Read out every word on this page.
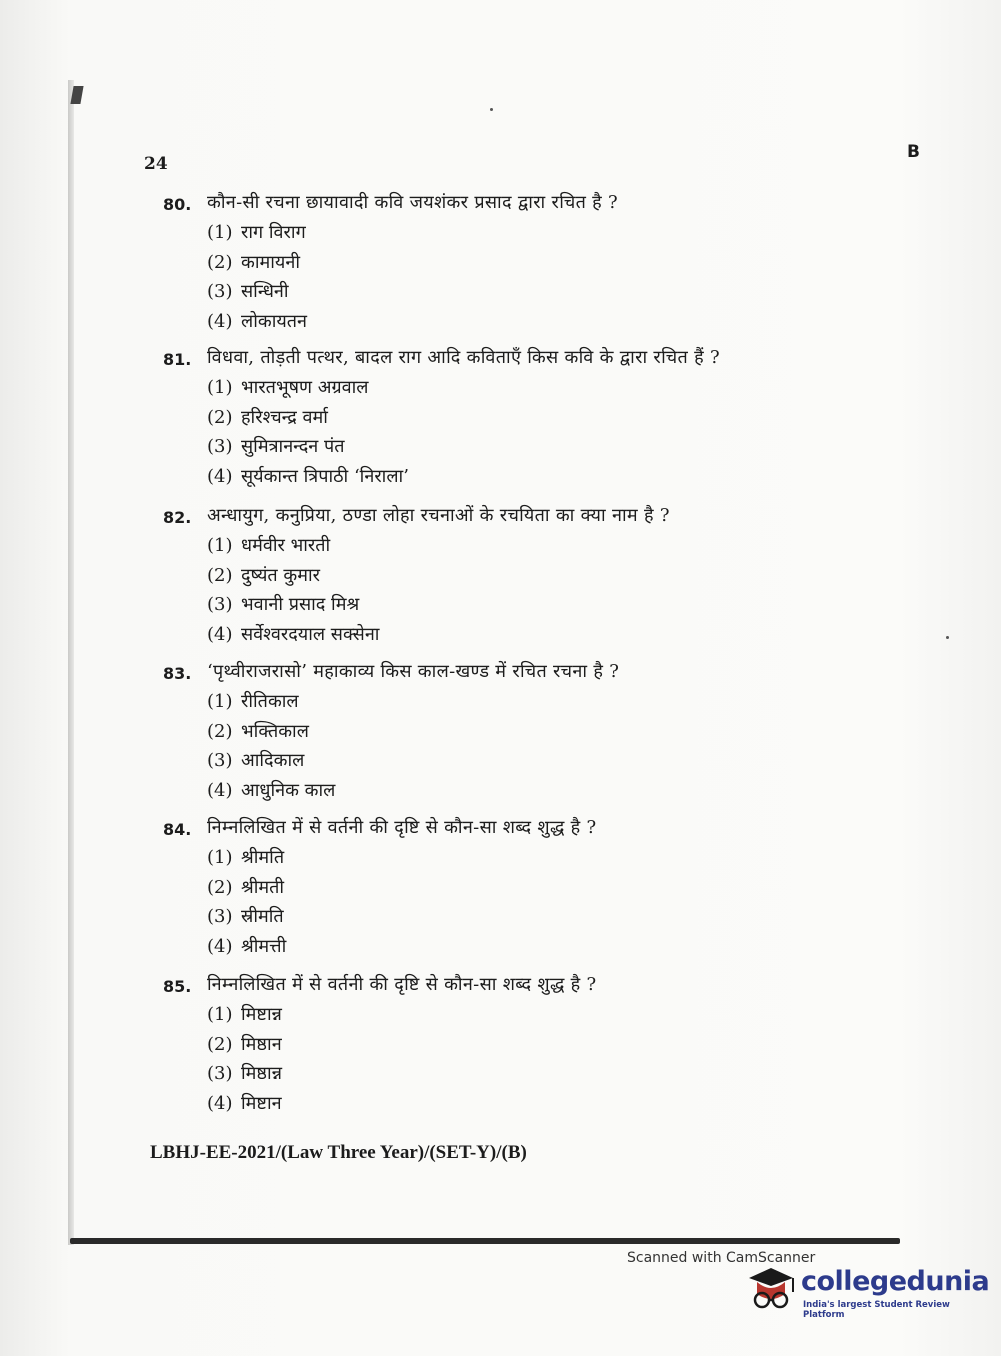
24
B
80. कौन-सी रचना छायावादी कवि जयशंकर प्रसाद द्वारा रचित है ?
(1) राग विराग
(2) कामायनी
(3) सन्धिनी
(4) लोकायतन
81. विधवा, तोड़ती पत्थर, बादल राग आदि कविताएँ किस कवि के द्वारा रचित हैं ?
(1) भारतभूषण अग्रवाल
(2) हरिश्चन्द्र वर्मा
(3) सुमित्रानन्दन पंत
(4) सूर्यकान्त त्रिपाठी ‘निराला’
82. अन्धायुग, कनुप्रिया, ठण्डा लोहा रचनाओं के रचयिता का क्या नाम है ?
(1) धर्मवीर भारती
(2) दुष्यंत कुमार
(3) भवानी प्रसाद मिश्र
(4) सर्वेश्वरदयाल सक्सेना
83. ‘पृथ्वीराजरासो’ महाकाव्य किस काल-खण्ड में रचित रचना है ?
(1) रीतिकाल
(2) भक्तिकाल
(3) आदिकाल
(4) आधुनिक काल
84. निम्नलिखित में से वर्तनी की दृष्टि से कौन-सा शब्द शुद्ध है ?
(1) श्रीमति
(2) श्रीमती
(3) स्रीमति
(4) श्रीमत्ती
85. निम्नलिखित में से वर्तनी की दृष्टि से कौन-सा शब्द शुद्ध है ?
(1) मिष्टान्न
(2) मिष्ठान
(3) मिष्ठान्न
(4) मिष्टान
LBHJ-EE-2021/(Law Three Year)/(SET-Y)/(B)
Scanned with CamScanner
collegedunia
India's largest Student Review Platform
